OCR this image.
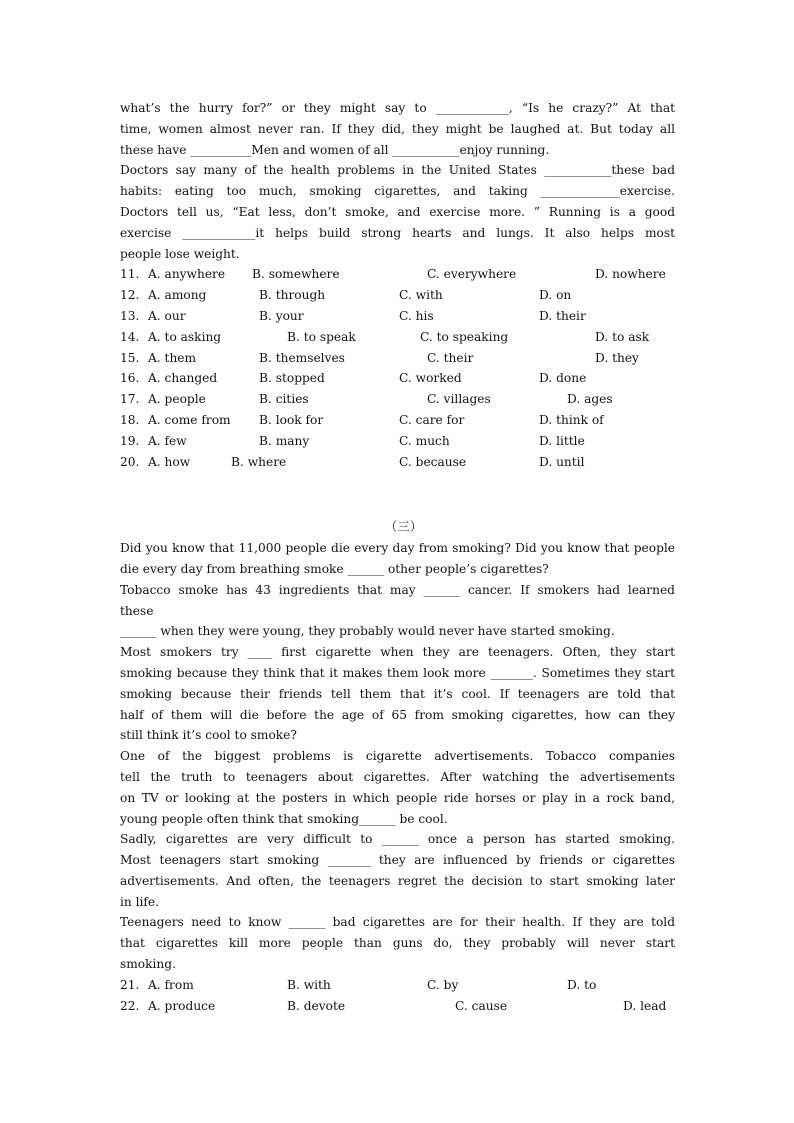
what’s the hurry for?” or they might say to ____________, “Is he crazy?” At that
time, women almost never ran. If they did, they might be laughed at. But today all
these have __________Men and women of all ___________enjoy running.
Doctors say many of the health problems in the United States ___________these bad
habits: eating too much, smoking cigarettes, and taking _____________exercise.
Doctors tell us, “Eat less, don’t smoke, and exercise more. ” Running is a good
exercise ____________it helps build strong hearts and lungs. It also helps most
people lose weight.
11. A. anywhere B. somewhere	C. everywhere	D. nowhere
12. A. among	B. through	C. with	D. on
13. A. our	B. your	C. his	D. their
14. A. to asking	B. to speak	C. to speaking	D. to ask
15. A. them	B. themselves	C. their	D. they
16. A. changed	B. stopped	C. worked	D. done
17. A. people	B. cities	C. villages	D. ages
18. A. come from B. look for	C. care for	D. think of
19. A. few	B. many	C. much	D. little
20. A. how	B. where	C. because	D. until
（三）
Did you know that 11,000 people die every day from smoking? Did you know that people
die every day from breathing smoke ______ other people’s cigarettes?
Tobacco smoke has 43 ingredients that may ______ cancer. If smokers had learned
these
______ when they were young, they probably would never have started smoking.
Most smokers try ____ first cigarette when they are teenagers. Often, they start
smoking because they think that it makes them look more _______. Sometimes they start
smoking because their friends tell them that it’s cool. If teenagers are told that
half of them will die before the age of 65 from smoking cigarettes, how can they
still think it’s cool to smoke?
One of the biggest problems is cigarette advertisements. Tobacco companies
tell the truth to teenagers about cigarettes. After watching the advertisements
on TV or looking at the posters in which people ride horses or play in a rock band,
young people often think that smoking______ be cool.
Sadly, cigarettes are very difficult to ______ once a person has started smoking.
Most teenagers start smoking _______ they are influenced by friends or cigarettes
advertisements. And often, the teenagers regret the decision to start smoking later
in life.
Teenagers need to know ______ bad cigarettes are for their health. If they are told
that cigarettes kill more people than guns do, they probably will never start
smoking.
21. A. from	B. with	C. by	D. to
22. A. produce	B. devote	C. cause	D. lead
